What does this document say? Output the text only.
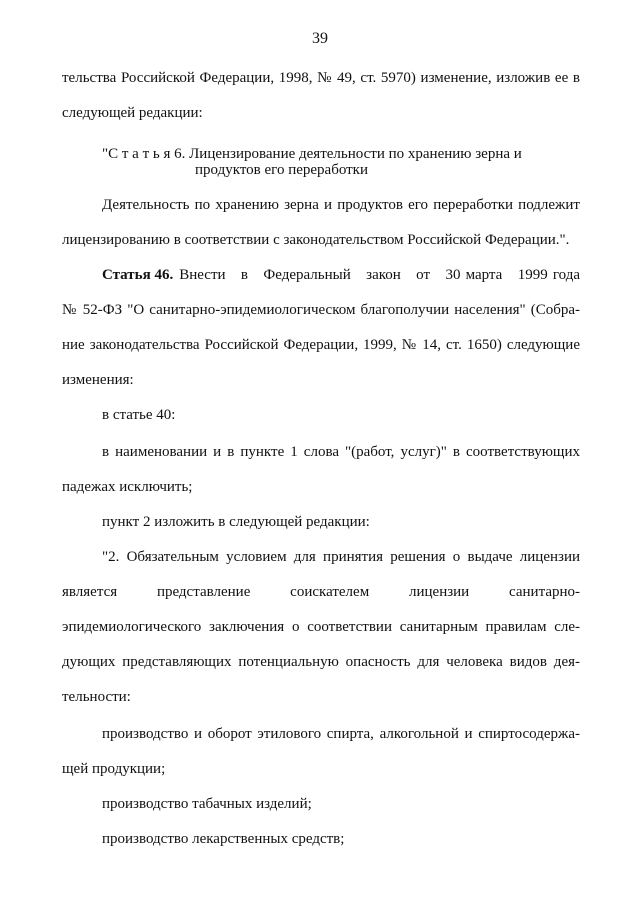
39
тельства Российской Федерации, 1998, № 49, ст. 5970) изменение, изложив ее в
следующей редакции:
"С т а т ь я 6. Лицензирование деятельности по хранению зерна и
продуктов его переработки
Деятельность по хранению зерна и продуктов его переработки подлежит
лицензированию в соответствии с законодательством Российской Федерации.".
Статья 46. Внести   в   Федеральный   закон   от   30 марта   1999 года
№ 52-ФЗ "О санитарно-эпидемиологическом благополучии населения" (Собра-
ние законодательства Российской Федерации, 1999, № 14, ст. 1650) следующие
изменения:
в статье 40:
в наименовании и в пункте 1 слова "(работ, услуг)" в соответствующих
падежах исключить;
пункт 2 изложить в следующей редакции:
"2. Обязательным условием для принятия решения о выдаче лицензии
является        представление        соискателем        лицензии        санитарно-
эпидемиологического заключения о соответствии санитарным правилам сле-
дующих представляющих потенциальную опасность для человека видов дея-
тельности:
производство и оборот этилового спирта, алкогольной и спиртосодержа-
щей продукции;
производство табачных изделий;
производство лекарственных средств;
